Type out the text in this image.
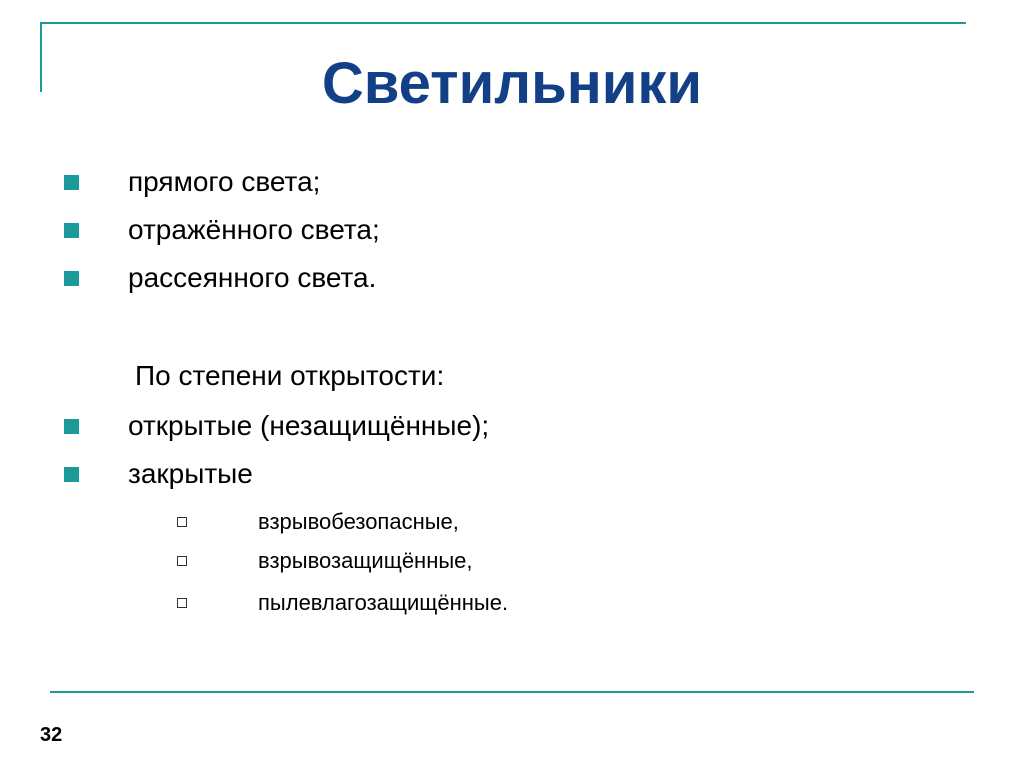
Светильники
прямого света;
отражённого света;
рассеянного света.
По степени открытости:
открытые (незащищённые);
закрытые
взрывобезопасные,
взрывозащищённые,
пылевлагозащищённые.
32
